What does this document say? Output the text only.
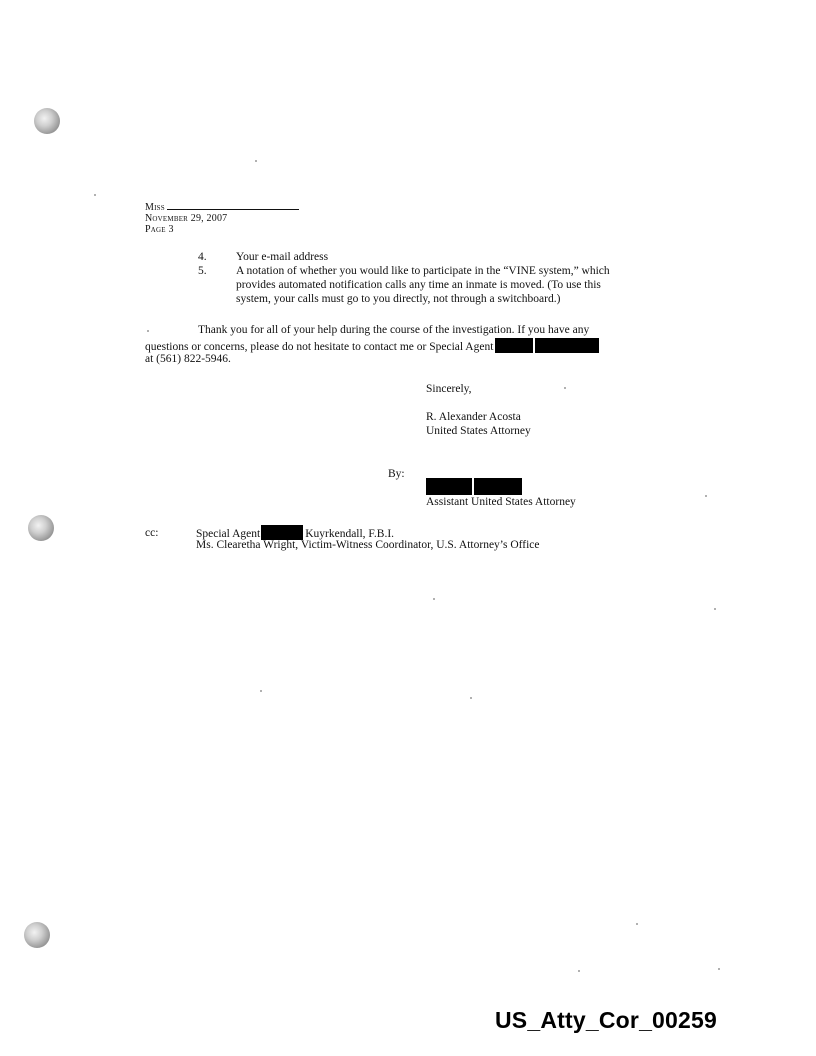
Miss
November 29, 2007
Page 3
4.	Your e-mail address
5.	A notation of whether you would like to participate in the “VINE system,” which
provides automated notification calls any time an inmate is moved. (To use this
system, your calls must go to you directly, not through a switchboard.)
Thank you for all of your help during the course of the investigation. If you have any
questions or concerns, please do not hesitate to contact me or Special Agent
at (561) 822-5946.
Sincerely,
R. Alexander Acosta
United States Attorney
By:
Assistant United States Attorney
cc:	Special Agent	Kuyrkendall, F.B.I.
Ms. Clearetha Wright, Victim-Witness Coordinator, U.S. Attorney’s Office
US_Atty_Cor_00259
